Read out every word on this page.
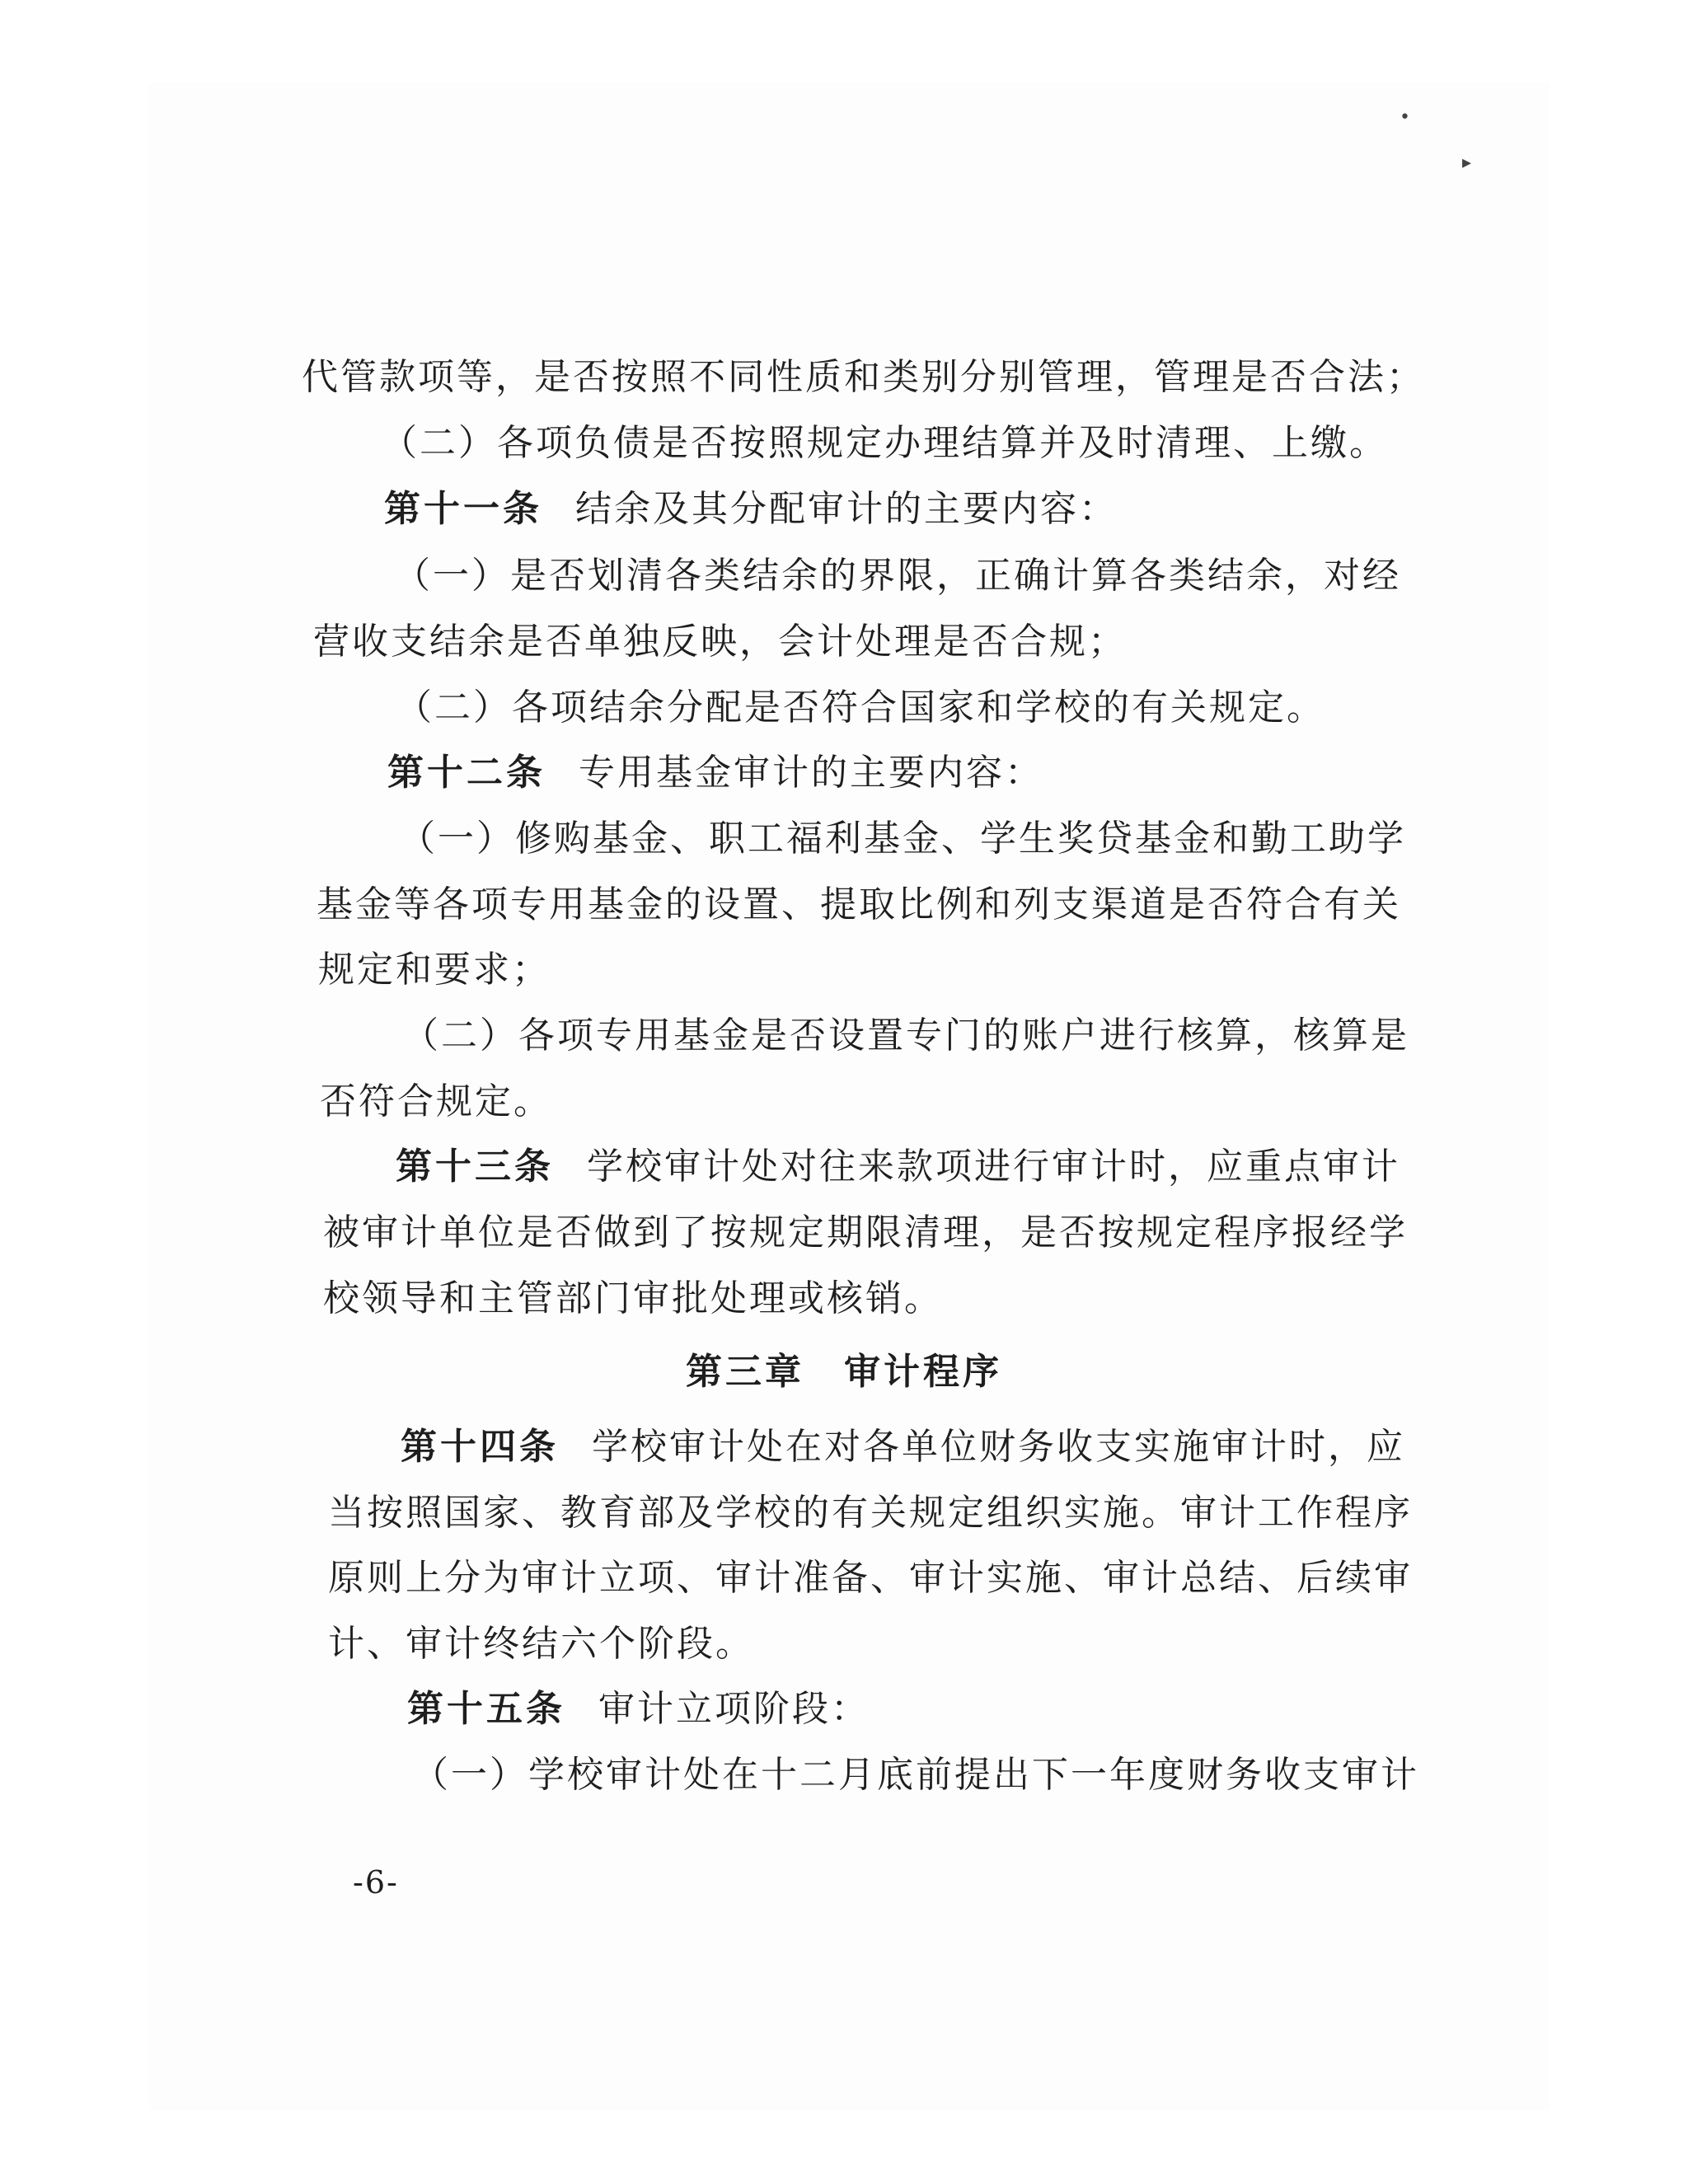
•
▸
代管款项等，是否按照不同性质和类别分别管理，管理是否合法；
（二）各项负债是否按照规定办理结算并及时清理、上缴。
第十一条 结余及其分配审计的主要内容：
（一）是否划清各类结余的界限，正确计算各类结余，对经
营收支结余是否单独反映，会计处理是否合规；
（二）各项结余分配是否符合国家和学校的有关规定。
第十二条 专用基金审计的主要内容：
（一）修购基金、职工福利基金、学生奖贷基金和勤工助学
基金等各项专用基金的设置、提取比例和列支渠道是否符合有关
规定和要求；
（二）各项专用基金是否设置专门的账户进行核算，核算是
否符合规定。
第十三条 学校审计处对往来款项进行审计时，应重点审计
被审计单位是否做到了按规定期限清理，是否按规定程序报经学
校领导和主管部门审批处理或核销。
第三章　审计程序
第十四条 学校审计处在对各单位财务收支实施审计时，应
当按照国家、教育部及学校的有关规定组织实施。审计工作程序
原则上分为审计立项、审计准备、审计实施、审计总结、后续审
计、审计终结六个阶段。
第十五条 审计立项阶段：
（一）学校审计处在十二月底前提出下一年度财务收支审计
-6-
